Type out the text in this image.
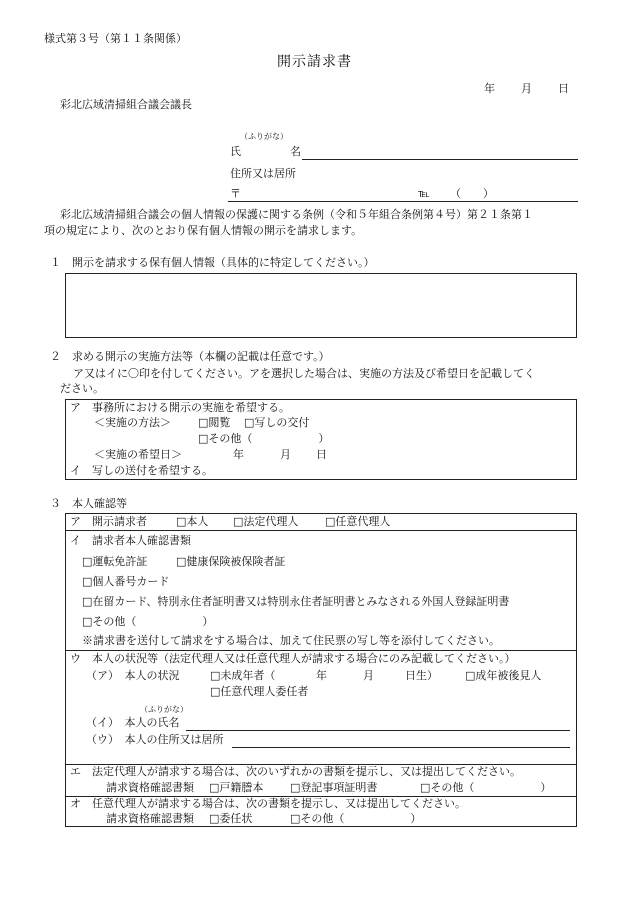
様式第３号（第１１条関係）
開示請求書
年 月 日
彩北広域清掃組合議会議長
（ふりがな）
氏	名
住所又は居所
〒	℡ （　　）
彩北広域清掃組合議会の個人情報の保護に関する条例（令和５年組合条例第４号）第２１条第１
項の規定により、次のとおり保有個人情報の開示を請求します。
１　開示を請求する保有個人情報（具体的に特定してください。）
２　求める開示の実施方法等（本欄の記載は任意です。）
ア又はイに〇印を付してください。アを選択した場合は、実施の方法及び希望日を記載してく
ださい。
ア　事務所における開示の実施を希望する。
＜実施の方法＞ □閲覧 □写しの交付
□その他（　　　　　　）
＜実施の希望日＞	年	月 日
イ　写しの送付を希望する。
３　本人確認等
ア　開示請求者	□本人 □法定代理人 □任意代理人
イ　請求者本人確認書類
□運転免許証	□健康保険被保険者証
□個人番号カード
□在留カード、特別永住者証明書又は特別永住者証明書とみなされる外国人登録証明書
□その他（　　　　　　）
※請求書を送付して請求をする場合は、加えて住民票の写し等を添付してください。
ウ　本人の状況等（法定代理人又は任意代理人が請求する場合にのみ記載してください。）
（ア）　本人の状況	□未成年者（	年	月	日生） □成年被後見人
□任意代理人委任者
（ふりがな）
（イ）　本人の氏名
（ウ）　本人の住所又は居所
エ　法定代理人が請求する場合は、次のいずれかの書類を提示し、又は提出してください。
請求資格確認書類 □戸籍謄本 □登記事項証明書	□その他（　　　　　　）
オ　任意代理人が請求する場合は、次の書類を提示し、又は提出してください。
請求資格確認書類 □委任状	□その他（　　　　　　）
